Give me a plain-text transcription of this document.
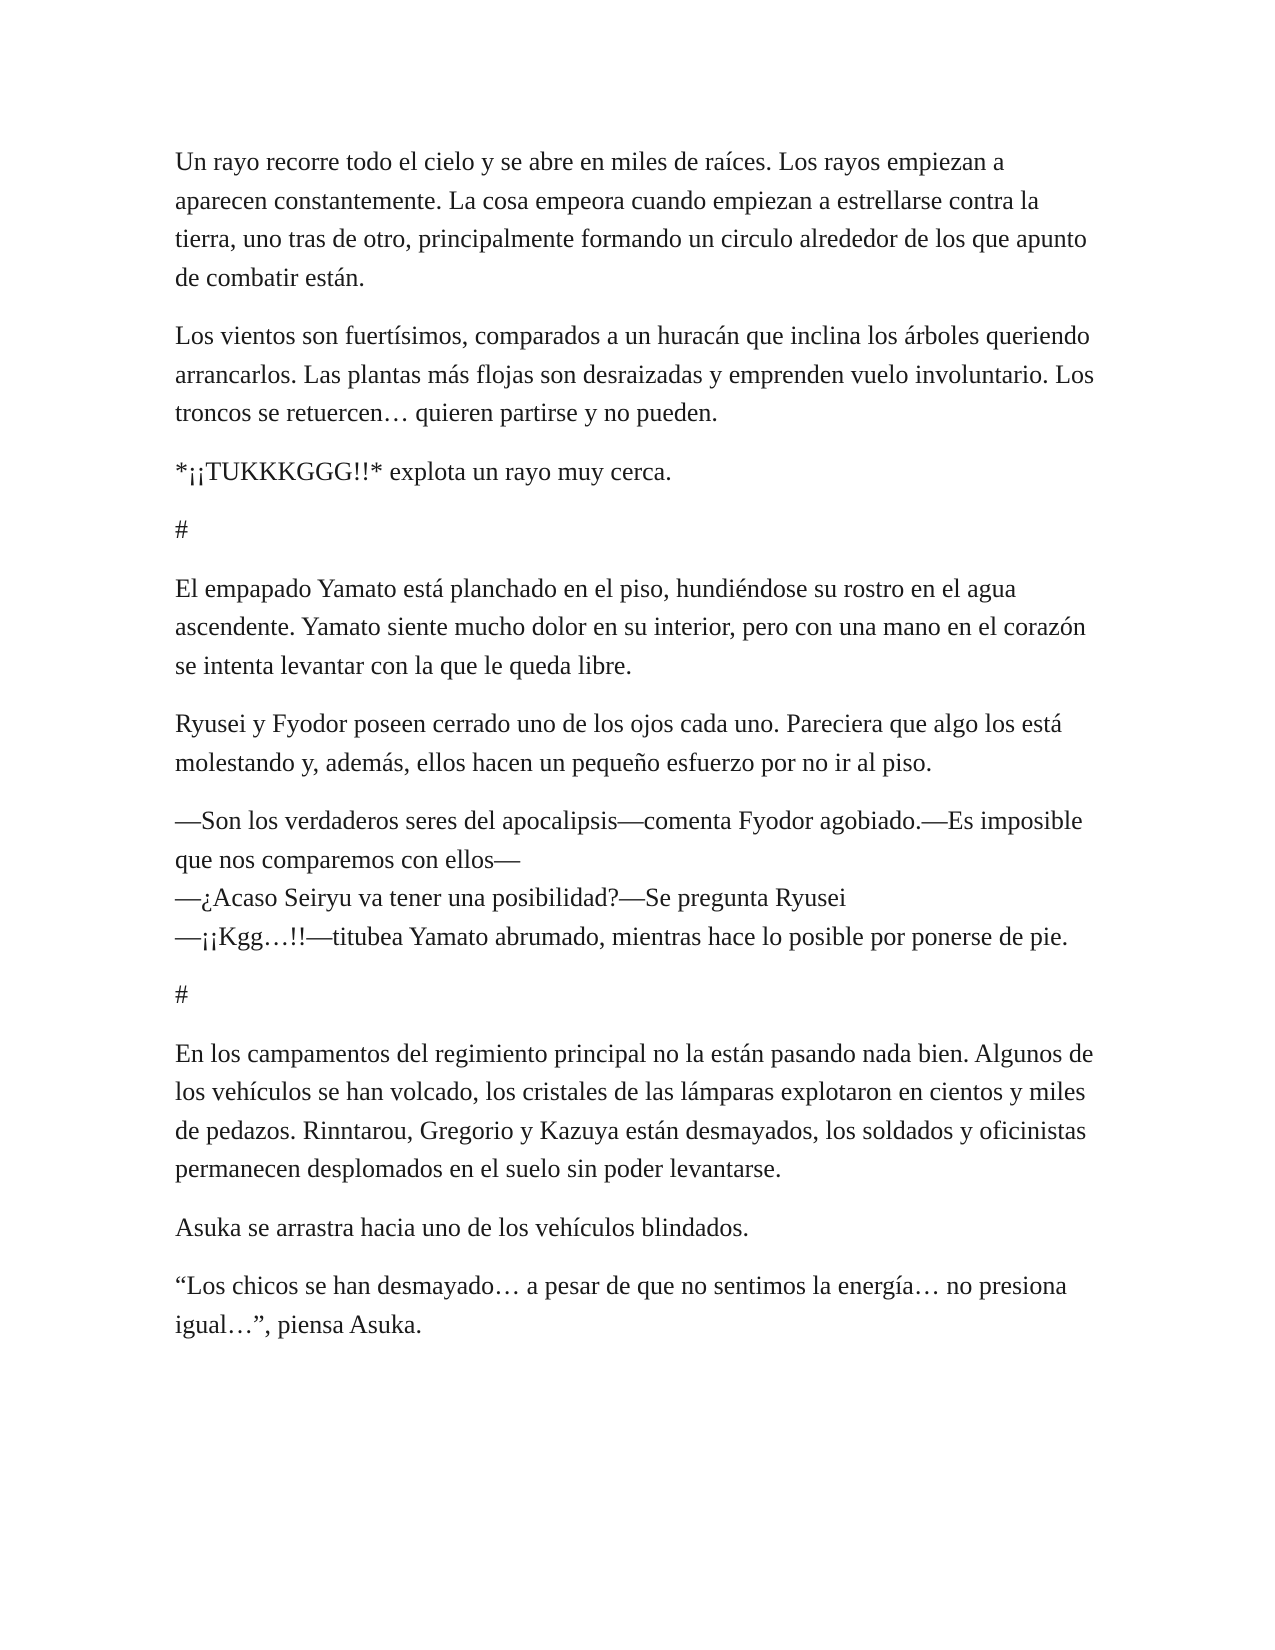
Un rayo recorre todo el cielo y se abre en miles de raíces. Los rayos empiezan a aparecen constantemente. La cosa empeora cuando empiezan a estrellarse contra la tierra, uno tras de otro, principalmente formando un circulo alrededor de los que apunto de combatir están.

Los vientos son fuertísimos, comparados a un huracán que inclina los árboles queriendo arrancarlos. Las plantas más flojas son desraizadas y emprenden vuelo involuntario. Los troncos se retuercen… quieren partirse y no pueden.

*¡¡TUKKKGGG!!* explota un rayo muy cerca.

#

El empapado Yamato está planchado en el piso, hundiéndose su rostro en el agua ascendente. Yamato siente mucho dolor en su interior, pero con una mano en el corazón se intenta levantar con la que le queda libre.

Ryusei y Fyodor poseen cerrado uno de los ojos cada uno. Pareciera que algo los está molestando y, además, ellos hacen un pequeño esfuerzo por no ir al piso.

—Son los verdaderos seres del apocalipsis—comenta Fyodor agobiado.—Es imposible que nos comparemos con ellos—

—¿Acaso Seiryu va tener una posibilidad?—Se pregunta Ryusei

—¡¡Kgg…!!—titubea Yamato abrumado, mientras hace lo posible por ponerse de pie.

#

En los campamentos del regimiento principal no la están pasando nada bien. Algunos de los vehículos se han volcado, los cristales de las lámparas explotaron en cientos y miles de pedazos. Rinntarou, Gregorio y Kazuya están desmayados, los soldados y oficinistas permanecen desplomados en el suelo sin poder levantarse.

Asuka se arrastra hacia uno de los vehículos blindados.

“Los chicos se han desmayado… a pesar de que no sentimos la energía… no presiona igual…”, piensa Asuka.
